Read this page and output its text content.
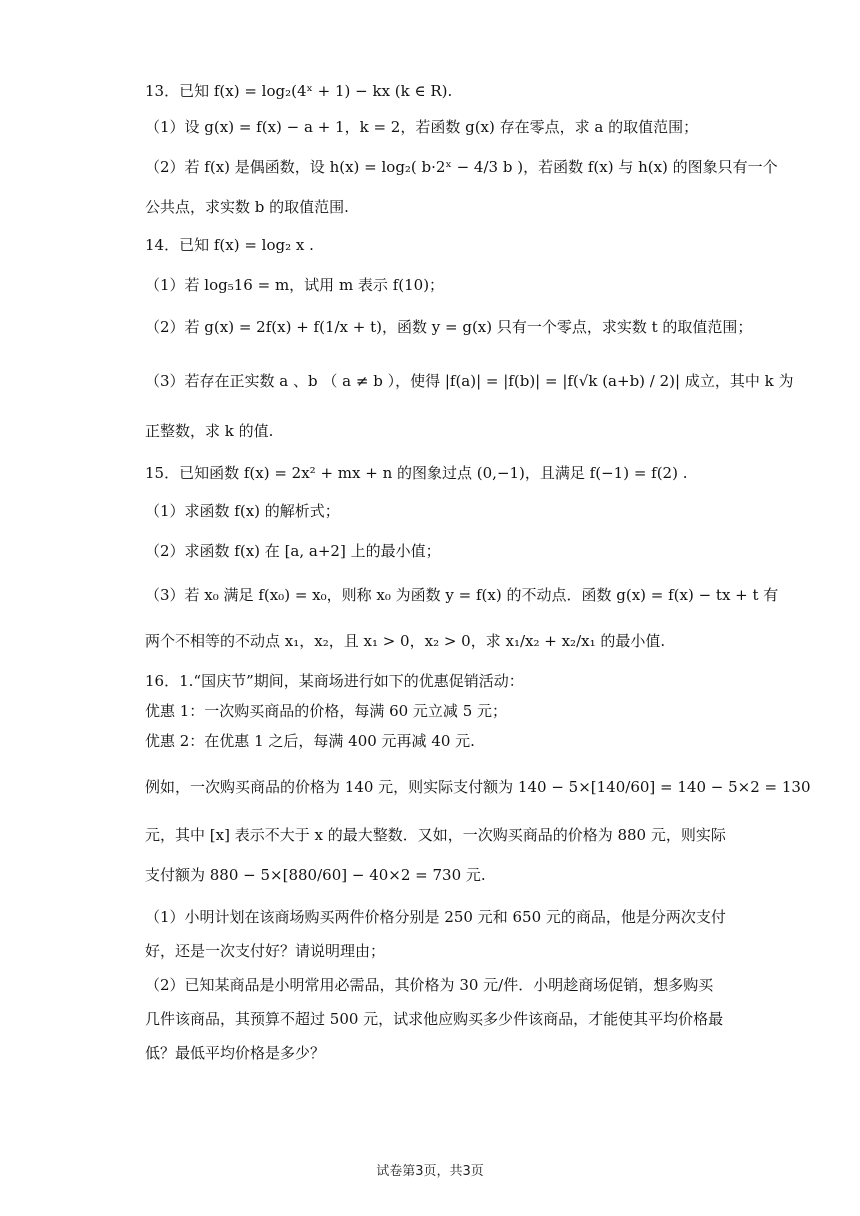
13．已知 f(x) = log₂(4ˣ + 1) − kx (k ∈ R).
（1）设 g(x) = f(x) − a + 1，k = 2，若函数 g(x) 存在零点，求 a 的取值范围；
（2）若 f(x) 是偶函数，设 h(x) = log₂( b·2ˣ − 4/3 b )，若函数 f(x) 与 h(x) 的图象只有一个
公共点，求实数 b 的取值范围.
14．已知 f(x) = log₂ x .
（1）若 log₅16 = m，试用 m 表示 f(10)；
（2）若 g(x) = 2f(x) + f(1/x + t)，函数 y = g(x) 只有一个零点，求实数 t 的取值范围；
（3）若存在正实数 a 、b （ a ≠ b ），使得 |f(a)| = |f(b)| = |f(√k (a+b) / 2)| 成立，其中 k 为
正整数，求 k 的值.
15．已知函数 f(x) = 2x² + mx + n 的图象过点 (0,−1)，且满足 f(−1) = f(2) .
（1）求函数 f(x) 的解析式；
（2）求函数 f(x) 在 [a, a+2] 上的最小值；
（3）若 x₀ 满足 f(x₀) = x₀，则称 x₀ 为函数 y = f(x) 的不动点．函数 g(x) = f(x) − tx + t 有
两个不相等的不动点 x₁，x₂，且 x₁ > 0，x₂ > 0，求 x₁/x₂ + x₂/x₁ 的最小值.
16．1.“国庆节”期间，某商场进行如下的优惠促销活动：
优惠 1：一次购买商品的价格，每满 60 元立减 5 元；
优惠 2：在优惠 1 之后，每满 400 元再减 40 元.
例如，一次购买商品的价格为 140 元，则实际支付额为 140 − 5×[140/60] = 140 − 5×2 = 130
元，其中 [x] 表示不大于 x 的最大整数．又如，一次购买商品的价格为 880 元，则实际
支付额为 880 − 5×[880/60] − 40×2 = 730 元.
（1）小明计划在该商场购买两件价格分别是 250 元和 650 元的商品，他是分两次支付
好，还是一次支付好？请说明理由；
（2）已知某商品是小明常用必需品，其价格为 30 元/件．小明趁商场促销，想多购买
几件该商品，其预算不超过 500 元，试求他应购买多少件该商品，才能使其平均价格最
低？最低平均价格是多少？
试卷第3页，共3页
